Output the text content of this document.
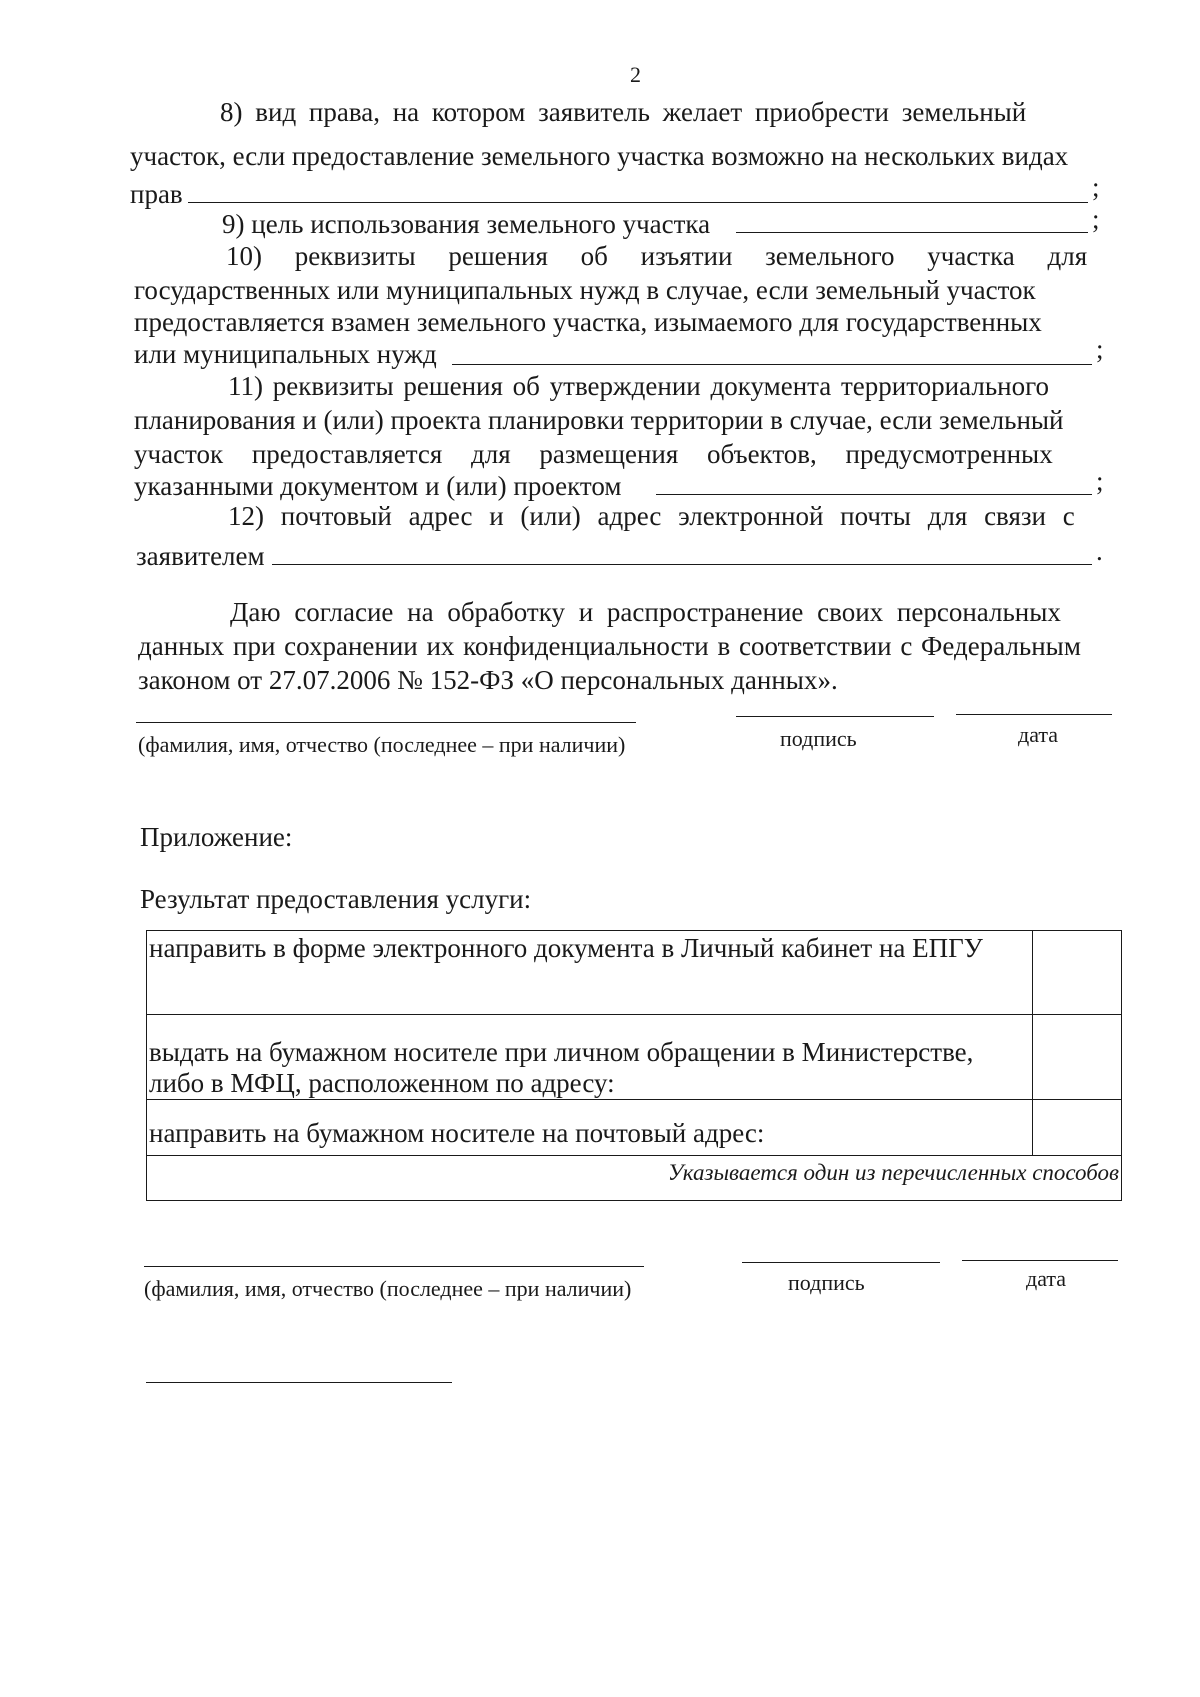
2
8) вид права, на котором заявитель желает приобрести земельный
участок, если предоставление земельного участка возможно на нескольких видах
прав	;
9) цель использования земельного участка	;
10) реквизиты решения об изъятии земельного участка для
государственных или муниципальных нужд в случае, если земельный участок
предоставляется взамен земельного участка, изымаемого для государственных
или муниципальных нужд	;
11) реквизиты решения об утверждении документа территориального
планирования и (или) проекта планировки территории в случае, если земельный
участок предоставляется для размещения объектов, предусмотренных
указанными документом и (или) проектом	;
12) почтовый адрес и (или) адрес электронной почты для связи с
заявителем	.
Даю согласие на обработку и распространение своих персональных
данных при сохранении их конфиденциальности в соответствии с Федеральным
законом от 27.07.2006 № 152-ФЗ «О персональных данных».
(фамилия, имя, отчество (последнее – при наличии)	подпись	дата
Приложение:
Результат предоставления услуги:
направить в форме электронного документа в Личный кабинет на ЕПГУ	

выдать на бумажном носителе при личном обращении в Министерстве,
либо в МФЦ, расположенном по адресу:	

направить на бумажном носителе на почтовый адрес:	

Указывается один из перечисленных способов	
(фамилия, имя, отчество (последнее – при наличии)	подпись	дата
